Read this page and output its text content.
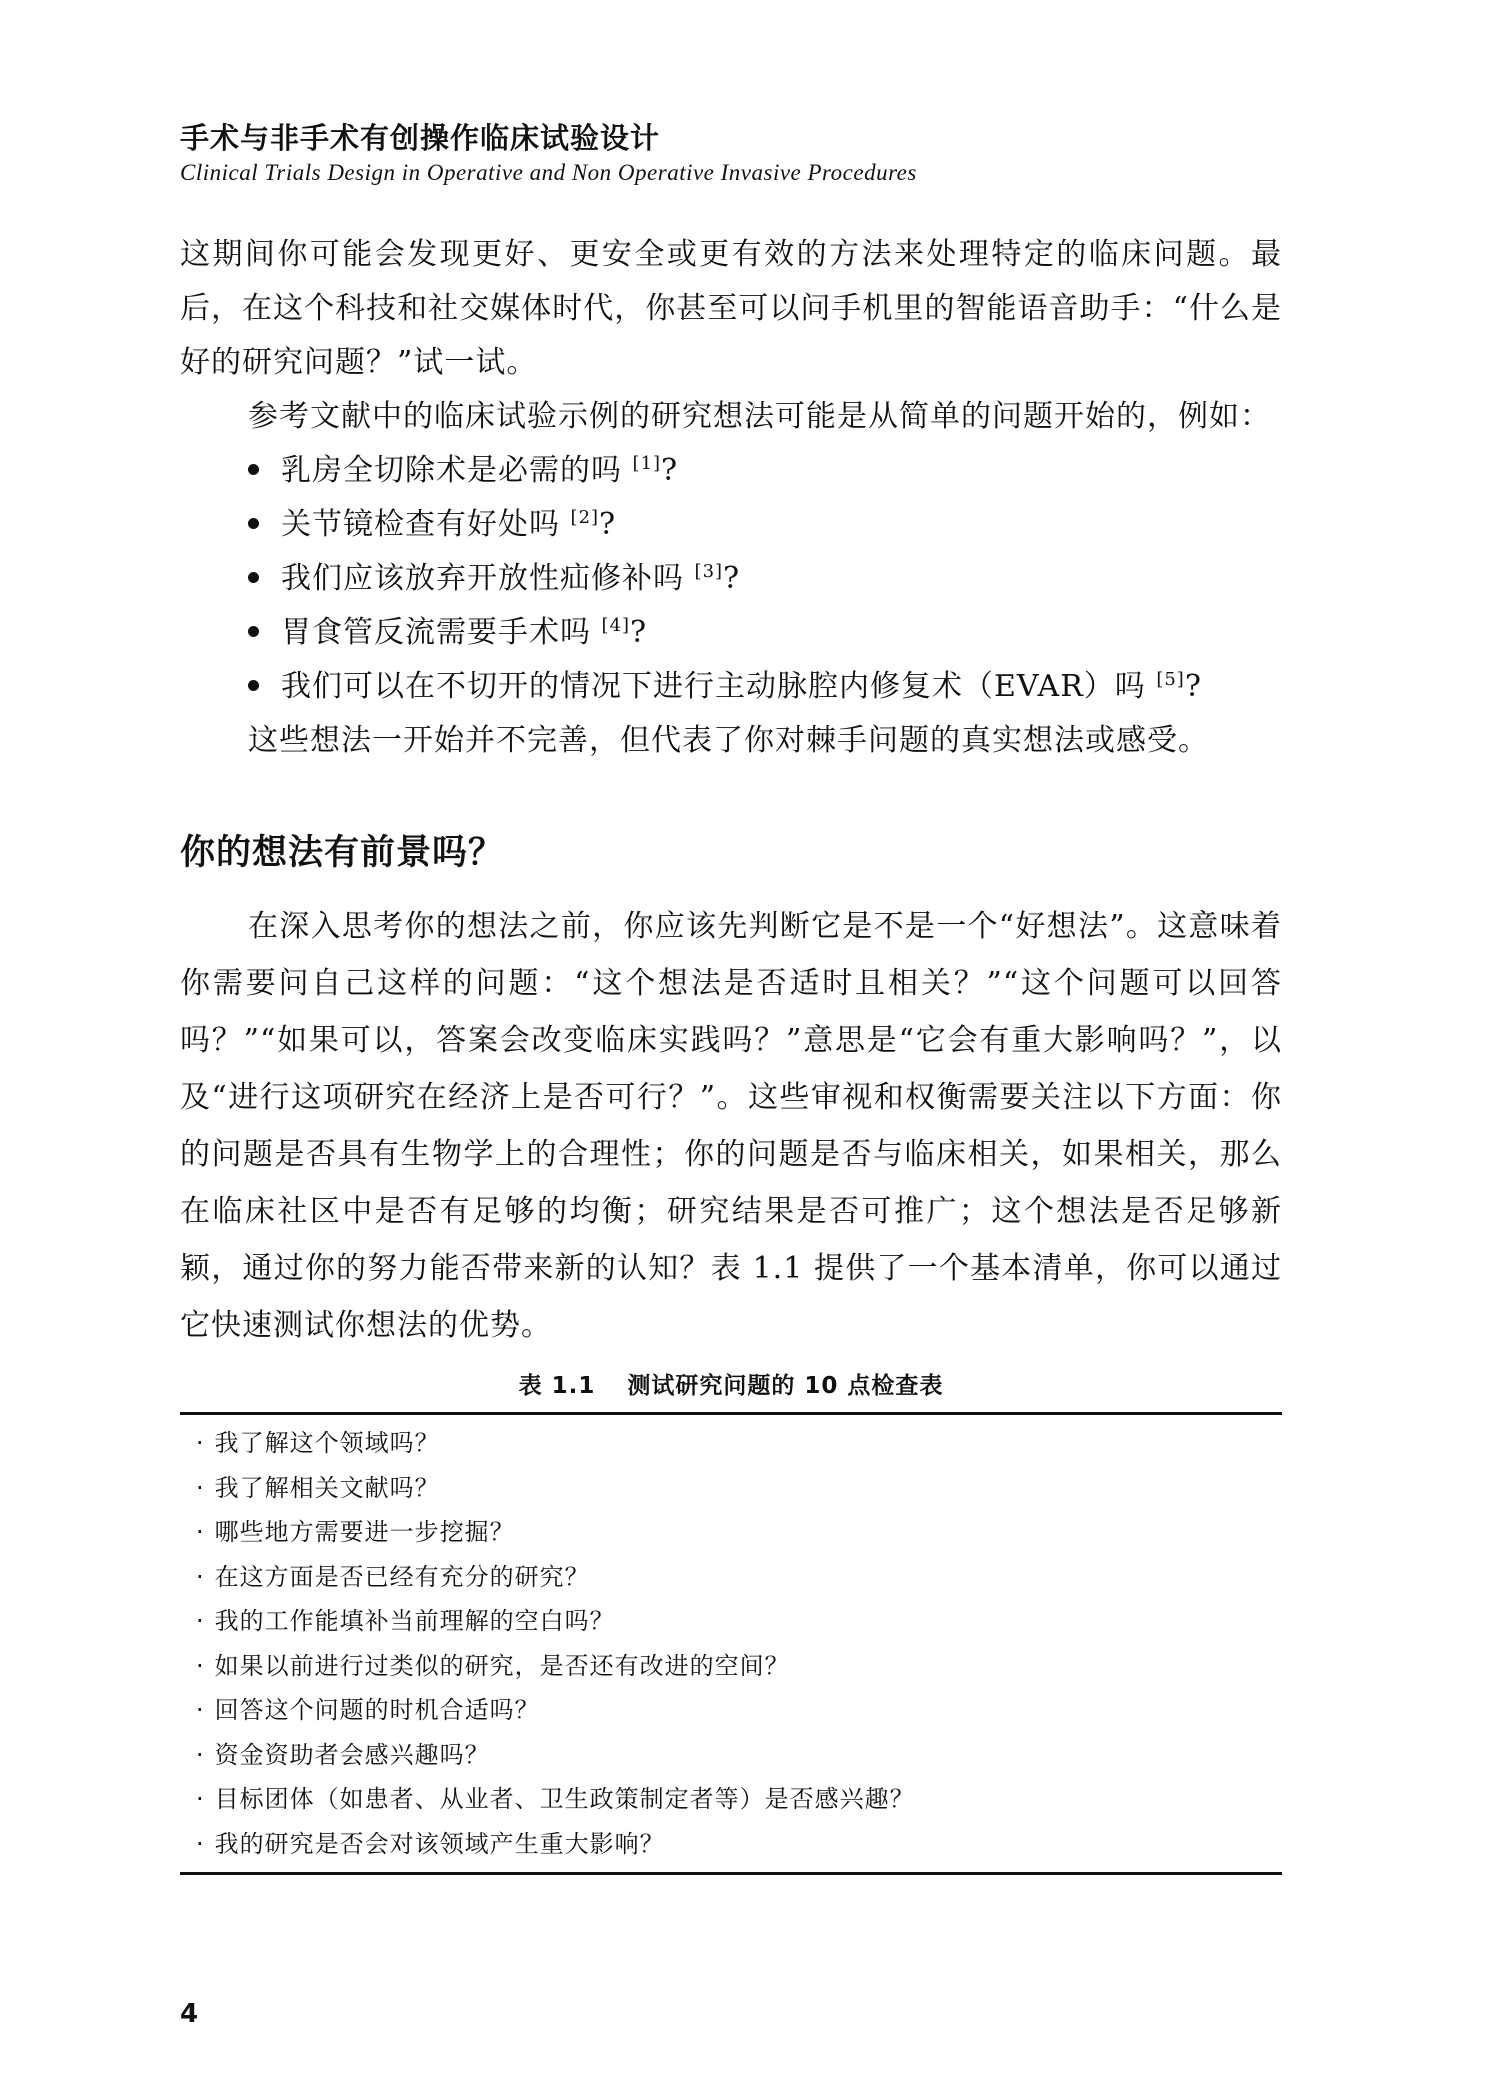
手术与非手术有创操作临床试验设计
Clinical Trials Design in Operative and Non Operative Invasive Procedures

这期间你可能会发现更好、更安全或更有效的方法来处理特定的临床问题。最后，在这个科技和社交媒体时代，你甚至可以问手机里的智能语音助手：“什么是好的研究问题？”试一试。

参考文献中的临床试验示例的研究想法可能是从简单的问题开始的，例如：

乳房全切除术是必需的吗 [1]?
关节镜检查有好处吗 [2]?
我们应该放弃开放性疝修补吗 [3]?
胃食管反流需要手术吗 [4]?
我们可以在不切开的情况下进行主动脉腔内修复术（EVAR）吗 [5]?

这些想法一开始并不完善，但代表了你对棘手问题的真实想法或感受。

你的想法有前景吗？

在深入思考你的想法之前，你应该先判断它是不是一个“好想法”。这意味着你需要问自己这样的问题：“这个想法是否适时且相关？”“这个问题可以回答吗？”“如果可以，答案会改变临床实践吗？”意思是“它会有重大影响吗？”，以及“进行这项研究在经济上是否可行？”。这些审视和权衡需要关注以下方面：你的问题是否具有生物学上的合理性；你的问题是否与临床相关，如果相关，那么在临床社区中是否有足够的均衡；研究结果是否可推广；这个想法是否足够新颖，通过你的努力能否带来新的认知？表 1.1 提供了一个基本清单，你可以通过它快速测试你想法的优势。

表 1.1 测试研究问题的 10 点检查表
· 我了解这个领域吗？
· 我了解相关文献吗？
· 哪些地方需要进一步挖掘？
· 在这方面是否已经有充分的研究？
· 我的工作能填补当前理解的空白吗？
· 如果以前进行过类似的研究，是否还有改进的空间？
· 回答这个问题的时机合适吗？
· 资金资助者会感兴趣吗？
· 目标团体（如患者、从业者、卫生政策制定者等）是否感兴趣？
· 我的研究是否会对该领域产生重大影响？
4
